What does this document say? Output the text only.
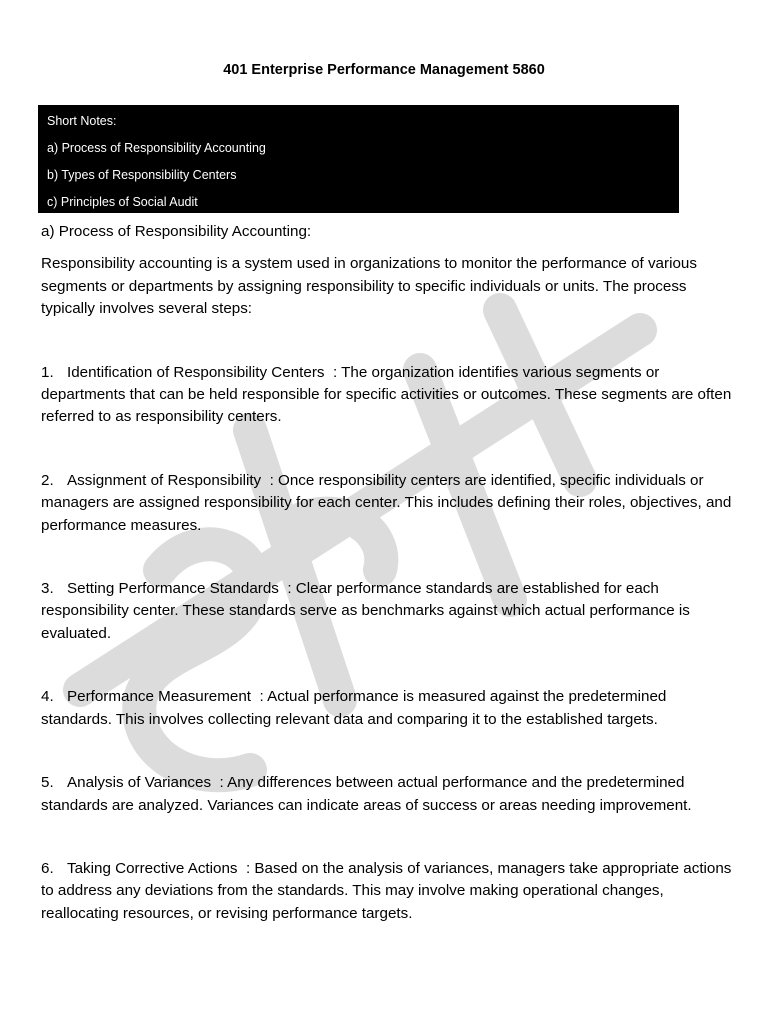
401 Enterprise Performance Management 5860
Short Notes:
a) Process of Responsibility Accounting
b) Types of Responsibility Centers
c) Principles of Social Audit

a) Process of Responsibility Accounting:

Responsibility accounting is a system used in organizations to monitor the performance of various segments or departments by assigning responsibility to specific individuals or units. The process typically involves several steps:

1. Identification of Responsibility Centers : The organization identifies various segments or departments that can be held responsible for specific activities or outcomes. These segments are often referred to as responsibility centers.

2. Assignment of Responsibility : Once responsibility centers are identified, specific individuals or managers are assigned responsibility for each center. This includes defining their roles, objectives, and performance measures.

3. Setting Performance Standards : Clear performance standards are established for each responsibility center. These standards serve as benchmarks against which actual performance is evaluated.

4. Performance Measurement : Actual performance is measured against the predetermined standards. This involves collecting relevant data and comparing it to the established targets.

5. Analysis of Variances : Any differences between actual performance and the predetermined standards are analyzed. Variances can indicate areas of success or areas needing improvement.

6. Taking Corrective Actions : Based on the analysis of variances, managers take appropriate actions to address any deviations from the standards. This may involve making operational changes, reallocating resources, or revising performance targets.
